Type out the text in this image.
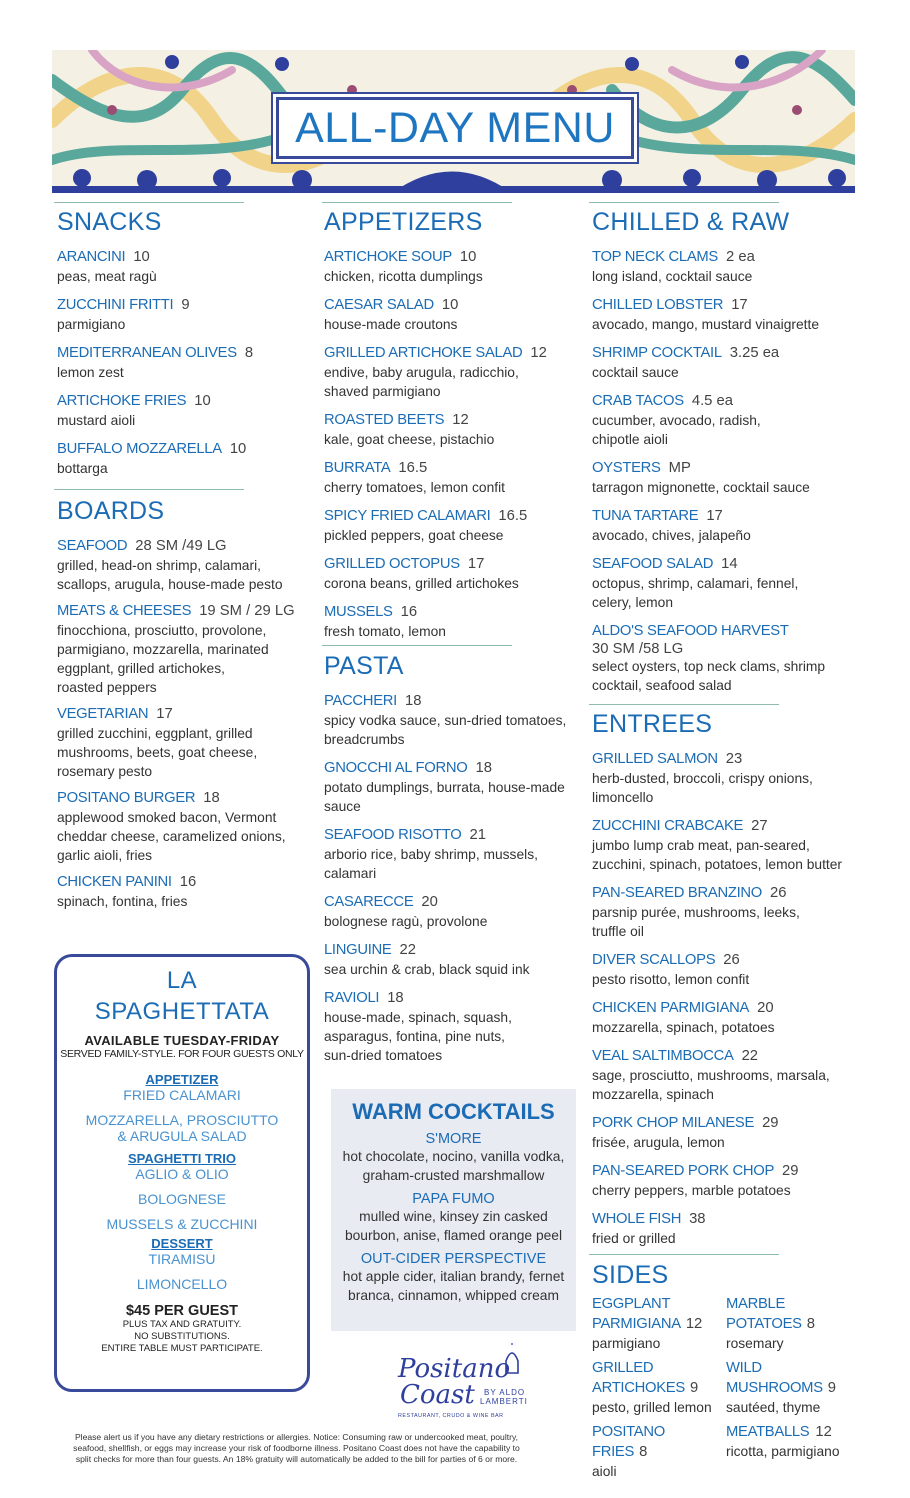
ALL-DAY MENU
SNACKS
ARANCINI 10
peas, meat ragù
ZUCCHINI FRITTI 9
parmigiano
MEDITERRANEAN OLIVES 8
lemon zest
ARTICHOKE FRIES 10
mustard aioli
BUFFALO MOZZARELLA 10
bottarga
BOARDS
SEAFOOD 28 SM /49 LG
grilled, head-on shrimp, calamari,
scallops, arugula, house-made pesto
MEATS & CHEESES 19 SM / 29 LG
finocchiona, prosciutto, provolone,
parmigiano, mozzarella, marinated
eggplant, grilled artichokes,
roasted peppers
VEGETARIAN 17
grilled zucchini, eggplant, grilled
mushrooms, beets, goat cheese,
rosemary pesto
POSITANO BURGER 18
applewood smoked bacon, Vermont
cheddar cheese, caramelized onions,
garlic aioli, fries
CHICKEN PANINI 16
spinach, fontina, fries
APPETIZERS
ARTICHOKE SOUP 10
chicken, ricotta dumplings
CAESAR SALAD 10
house-made croutons
GRILLED ARTICHOKE SALAD 12
endive, baby arugula, radicchio,
shaved parmigiano
ROASTED BEETS 12
kale, goat cheese, pistachio
BURRATA 16.5
cherry tomatoes, lemon confit
SPICY FRIED CALAMARI 16.5
pickled peppers, goat cheese
GRILLED OCTOPUS 17
corona beans, grilled artichokes
MUSSELS 16
fresh tomato, lemon
PASTA
PACCHERI 18
spicy vodka sauce, sun-dried tomatoes,
breadcrumbs
GNOCCHI AL FORNO 18
potato dumplings, burrata, house-made
sauce
SEAFOOD RISOTTO 21
arborio rice, baby shrimp, mussels,
calamari
CASARECCE 20
bolognese ragù, provolone
LINGUINE 22
sea urchin & crab, black squid ink
RAVIOLI 18
house-made, spinach, squash,
asparagus, fontina, pine nuts,
sun-dried tomatoes
CHILLED & RAW
TOP NECK CLAMS 2 ea
long island, cocktail sauce
CHILLED LOBSTER 17
avocado, mango, mustard vinaigrette
SHRIMP COCKTAIL 3.25 ea
cocktail sauce
CRAB TACOS 4.5 ea
cucumber, avocado, radish,
chipotle aioli
OYSTERS MP
tarragon mignonette, cocktail sauce
TUNA TARTARE 17
avocado, chives, jalapeño
SEAFOOD SALAD 14
octopus, shrimp, calamari, fennel,
celery, lemon
ALDO'S SEAFOOD HARVEST
30 SM /58 LG
select oysters, top neck clams, shrimp
cocktail, seafood salad
ENTREES
GRILLED SALMON 23
herb-dusted, broccoli, crispy onions,
limoncello
ZUCCHINI CRABCAKE 27
jumbo lump crab meat, pan-seared,
zucchini, spinach, potatoes, lemon butter
PAN-SEARED BRANZINO 26
parsnip purée, mushrooms, leeks,
truffle oil
DIVER SCALLOPS 26
pesto risotto, lemon confit
CHICKEN PARMIGIANA 20
mozzarella, spinach, potatoes
VEAL SALTIMBOCCA 22
sage, prosciutto, mushrooms, marsala,
mozzarella, spinach
PORK CHOP MILANESE 29
frisée, arugula, lemon
PAN-SEARED PORK CHOP 29
cherry peppers, marble potatoes
WHOLE FISH 38
fried or grilled
SIDES
EGGPLANT
PARMIGIANA 12
parmigiano
MARBLE
POTATOES 8
rosemary
GRILLED
ARTICHOKES 9
pesto, grilled lemon
WILD
MUSHROOMS 9
sautéed, thyme
POSITANO
FRIES 8
aioli
MEATBALLS 12
ricotta, parmigiano
LA
SPAGHETTATA
AVAILABLE TUESDAY-FRIDAY
SERVED FAMILY-STYLE. FOR FOUR GUESTS ONLY
APPETIZER
FRIED CALAMARI
MOZZARELLA, PROSCIUTTO
& ARUGULA SALAD
SPAGHETTI TRIO
AGLIO & OLIO
BOLOGNESE
MUSSELS & ZUCCHINI
DESSERT
TIRAMISU
LIMONCELLO
$45 PER GUEST
PLUS TAX AND GRATUITY.
NO SUBSTITUTIONS.
ENTIRE TABLE MUST PARTICIPATE.
WARM COCKTAILS
S'MORE
hot chocolate, nocino, vanilla vodka,
graham-crusted marshmallow
PAPA FUMO
mulled wine, kinsey zin casked
bourbon, anise, flamed orange peel
OUT-CIDER PERSPECTIVE
hot apple cider, italian brandy, fernet
branca, cinnamon, whipped cream
Positano
Coast BY ALDO
LAMBERTI
RESTAURANT, CRUDO & WINE BAR
Please alert us if you have any dietary restrictions or allergies. Notice: Consuming raw or undercooked meat, poultry,
seafood, shellfish, or eggs may increase your risk of foodborne illness. Positano Coast does not have the capability to
split checks for more than four guests. An 18% gratuity will automatically be added to the bill for parties of 6 or more.
